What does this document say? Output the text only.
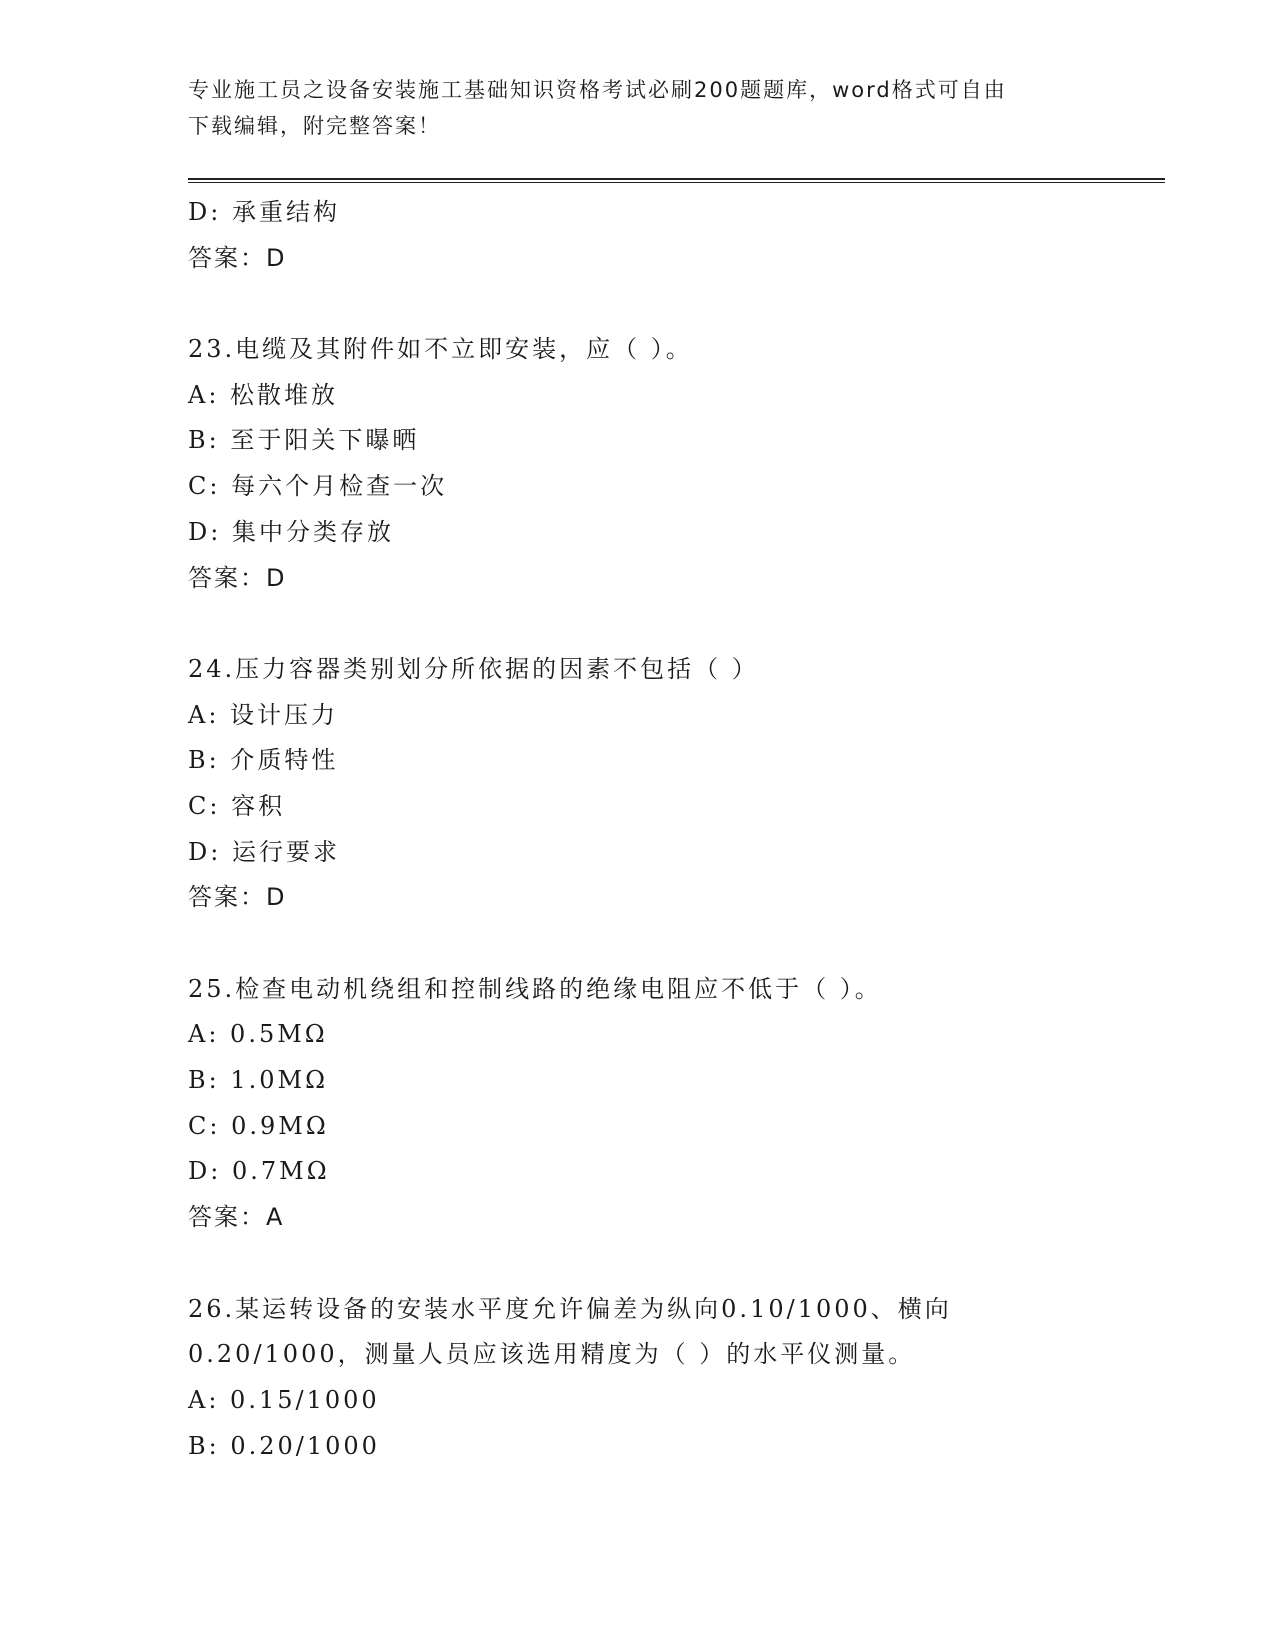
专业施工员之设备安装施工基础知识资格考试必刷200题题库，word格式可自由
下载编辑，附完整答案！
D: 承重结构
答案：D
23.电缆及其附件如不立即安装，应（ ）。
A: 松散堆放
B: 至于阳关下曝晒
C: 每六个月检查一次
D: 集中分类存放
答案：D
24.压力容器类别划分所依据的因素不包括（ ）
A: 设计压力
B: 介质特性
C: 容积
D: 运行要求
答案：D
25.检查电动机绕组和控制线路的绝缘电阻应不低于（ ）。
A: 0.5MΩ
B: 1.0MΩ
C: 0.9MΩ
D: 0.7MΩ
答案：A
26.某运转设备的安装水平度允许偏差为纵向0.10/1000、横向
0.20/1000，测量人员应该选用精度为（ ）的水平仪测量。
A: 0.15/1000
B: 0.20/1000
